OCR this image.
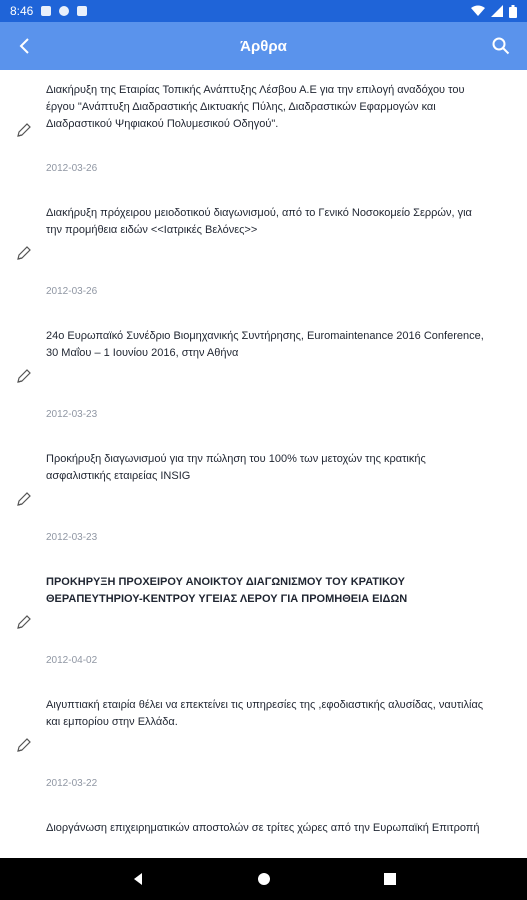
8:46
Άρθρα

Διακήρυξη της Εταιρίας Τοπικής Ανάπτυξης Λέσβου Α.Ε για την επιλογή αναδόχου του έργου "Ανάπτυξη Διαδραστικής Δικτυακής Πύλης, Διαδραστικών Εφαρμογών και Διαδραστικού Ψηφιακού Πολυμεσικού Οδηγού".

2012-03-26

Διακήρυξη πρόχειρου μειοδοτικού διαγωνισμού, από το Γενικό Νοσοκομείο Σερρών, για την προμήθεια ειδών <<Ιατρικές Βελόνες>>

2012-03-26

24ο Ευρωπαϊκό Συνέδριο Βιομηχανικής Συντήρησης, Euromaintenance 2016 Conference, 30 Μαΐου – 1 Ιουνίου 2016, στην Αθήνα

2012-03-23

Προκήρυξη διαγωνισμού για την πώληση του 100% των μετοχών της κρατικής ασφαλιστικής εταιρείας INSIG

2012-03-23

ΠΡΟΚΗΡΥΞΗ ΠΡΟΧΕΙΡΟΥ ΑΝΟΙΚΤΟΥ ΔΙΑΓΩΝΙΣΜΟΥ ΤΟΥ ΚΡΑΤΙΚΟΥ ΘΕΡΑΠΕΥΤΗΡΙΟΥ-ΚΕΝΤΡΟΥ ΥΓΕΙΑΣ ΛΕΡΟΥ ΓΙΑ ΠΡΟΜΗΘΕΙΑ ΕΙΔΩΝ

2012-04-02

Αιγυπτιακή εταιρία θέλει να επεκτείνει τις υπηρεσίες της ,εφοδιαστικής αλυσίδας, ναυτιλίας και εμπορίου στην Ελλάδα.

2012-03-22

Διοργάνωση επιχειρηματικών αποστολών σε τρίτες χώρες από την Ευρωπαϊκή Επιτροπή
